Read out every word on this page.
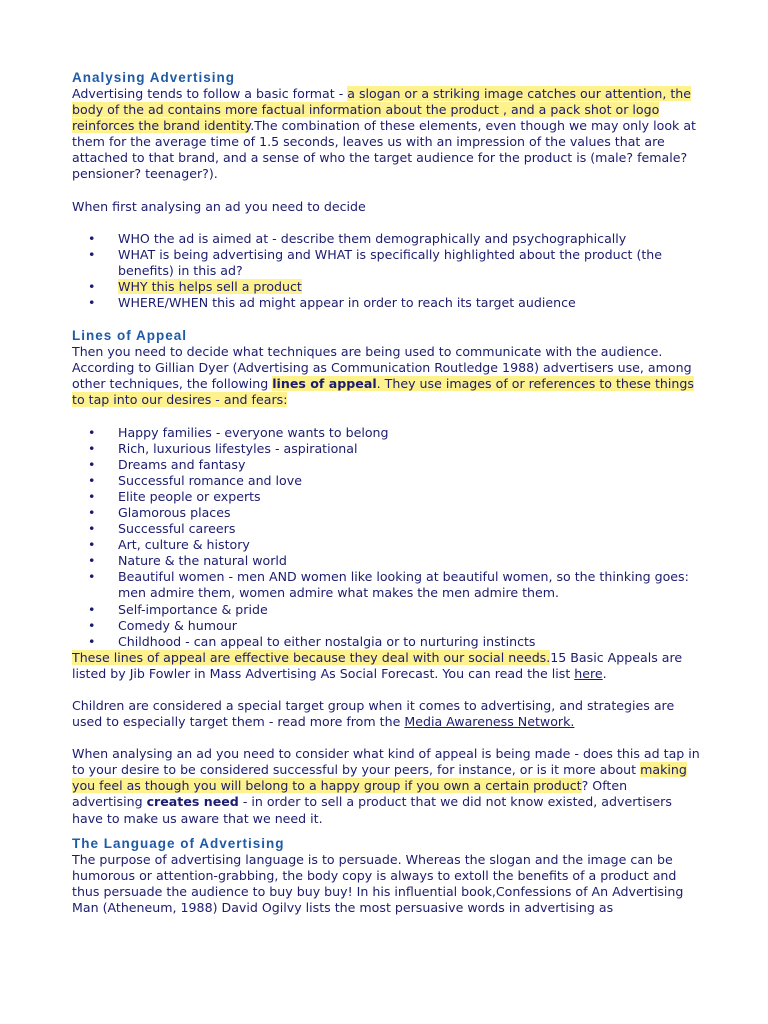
Analysing Advertising

Advertising tends to follow a basic format - a slogan or a striking image catches our attention, the body of the ad contains more factual information about the product , and a pack shot or logo reinforces the brand identity.The combination of these elements, even though we may only look at them for the average time of 1.5 seconds, leaves us with an impression of the values that are attached to that brand, and a sense of who the target audience for the product is (male? female? pensioner? teenager?).

When first analysing an ad you need to decide

• WHO the ad is aimed at - describe them demographically and psychographically
• WHAT is being advertising and WHAT is specifically highlighted about the product (the benefits) in this ad?
• WHY this helps sell a product
• WHERE/WHEN this ad might appear in order to reach its target audience
Lines of Appeal

Then you need to decide what techniques are being used to communicate with the audience. According to Gillian Dyer (Advertising as Communication Routledge 1988) advertisers use, among other techniques, the following lines of appeal. They use images of or references to these things to tap into our desires - and fears:

• Happy families - everyone wants to belong
• Rich, luxurious lifestyles - aspirational
• Dreams and fantasy
• Successful romance and love
• Elite people or experts
• Glamorous places
• Successful careers
• Art, culture & history
• Nature & the natural world
• Beautiful women - men AND women like looking at beautiful women, so the thinking goes: men admire them, women admire what makes the men admire them.
• Self-importance & pride
• Comedy & humour
• Childhood - can appeal to either nostalgia or to nurturing instincts

These lines of appeal are effective because they deal with our social needs.15 Basic Appeals are listed by Jib Fowler in Mass Advertising As Social Forecast. You can read the list here.

Children are considered a special target group when it comes to advertising, and strategies are used to especially target them - read more from the Media Awareness Network.

When analysing an ad you need to consider what kind of appeal is being made - does this ad tap in to your desire to be considered successful by your peers, for instance, or is it more about making you feel as though you will belong to a happy group if you own a certain product? Often advertising creates need - in order to sell a product that we did not know existed, advertisers have to make us aware that we need it.

The Language of Advertising

The purpose of advertising language is to persuade. Whereas the slogan and the image can be humorous or attention-grabbing, the body copy is always to extoll the benefits of a product and thus persuade the audience to buy buy buy! In his influential book,Confessions of An Advertising Man (Atheneum, 1988) David Ogilvy lists the most persuasive words in advertising as
